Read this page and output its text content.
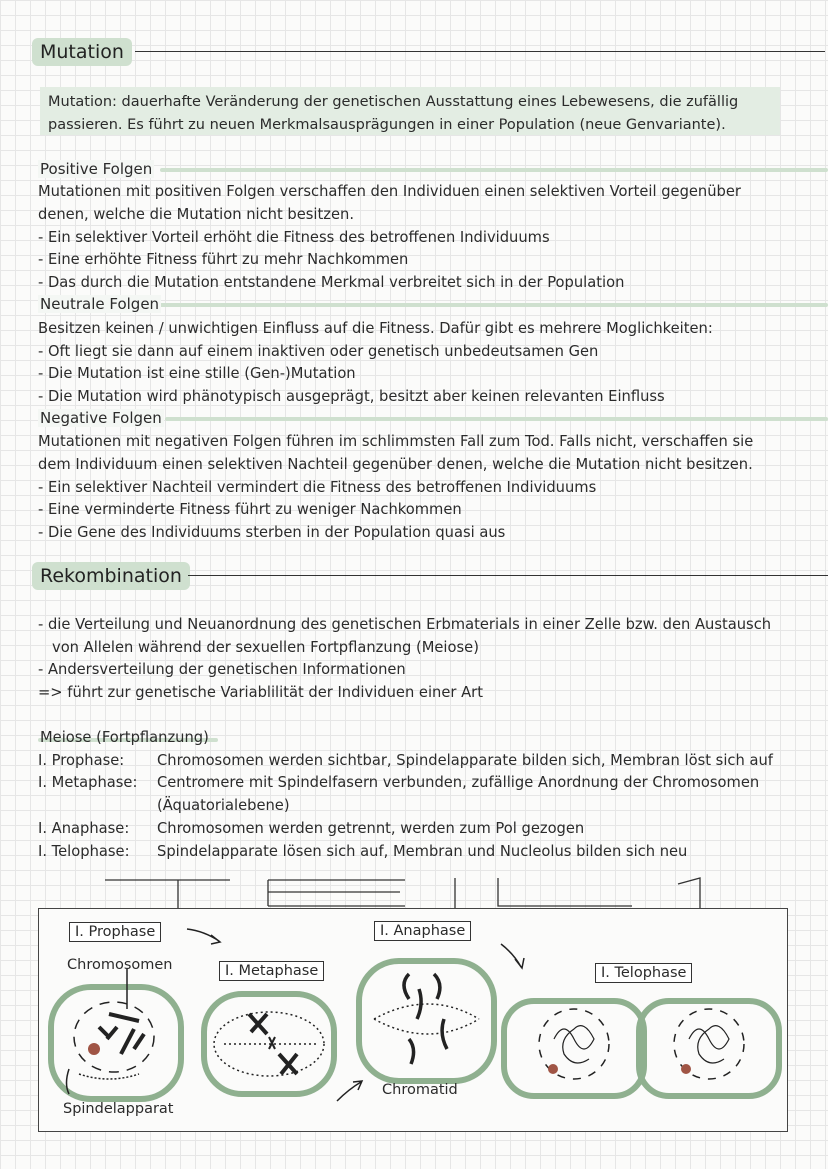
Mutation
Mutation: dauerhafte Veränderung der genetischen Ausstattung eines Lebewesens, die zufällig
passieren. Es führt zu neuen Merkmalsausprägungen in einer Population (neue Genvariante).
Positive Folgen
Mutationen mit positiven Folgen verschaffen den Individuen einen selektiven Vorteil gegenüber
denen, welche die Mutation nicht besitzen.
- Ein selektiver Vorteil erhöht die Fitness des betroffenen Individuums
- Eine erhöhte Fitness führt zu mehr Nachkommen
- Das durch die Mutation entstandene Merkmal verbreitet sich in der Population
Neutrale Folgen
Besitzen keinen / unwichtigen Einfluss auf die Fitness. Dafür gibt es mehrere Moglichkeiten:
- Oft liegt sie dann auf einem inaktiven oder genetisch unbedeutsamen Gen
- Die Mutation ist eine stille (Gen-)Mutation
- Die Mutation wird phänotypisch ausgeprägt, besitzt aber keinen relevanten Einfluss
Negative Folgen
Mutationen mit negativen Folgen führen im schlimmsten Fall zum Tod. Falls nicht, verschaffen sie
dem Individuum einen selektiven Nachteil gegenüber denen, welche die Mutation nicht besitzen.
- Ein selektiver Nachteil vermindert die Fitness des betroffenen Individuums
- Eine verminderte Fitness führt zu weniger Nachkommen
- Die Gene des Individuums sterben in der Population quasi aus
Rekombination
- die Verteilung und Neuanordnung des genetischen Erbmaterials in einer Zelle bzw. den Austausch
von Allelen während der sexuellen Fortpflanzung (Meiose)
- Andersverteilung der genetischen Informationen
=> führt zur genetische Variablilität der Individuen einer Art
Meiose (Fortpflanzung)
I. Prophase: Chromosomen werden sichtbar, Spindelapparate bilden sich, Membran löst sich auf
I. Metaphase: Centromere mit Spindelfasern verbunden, zufällige Anordnung der Chromosomen
(Äquatorialebene)
I. Anaphase: Chromosomen werden getrennt, werden zum Pol gezogen
I. Telophase: Spindelapparate lösen sich auf, Membran und Nucleolus bilden sich neu
I. Prophase
I. Metaphase
I. Anaphase
I. Telophase
Chromosomen
Chromatid
Spindelapparat
